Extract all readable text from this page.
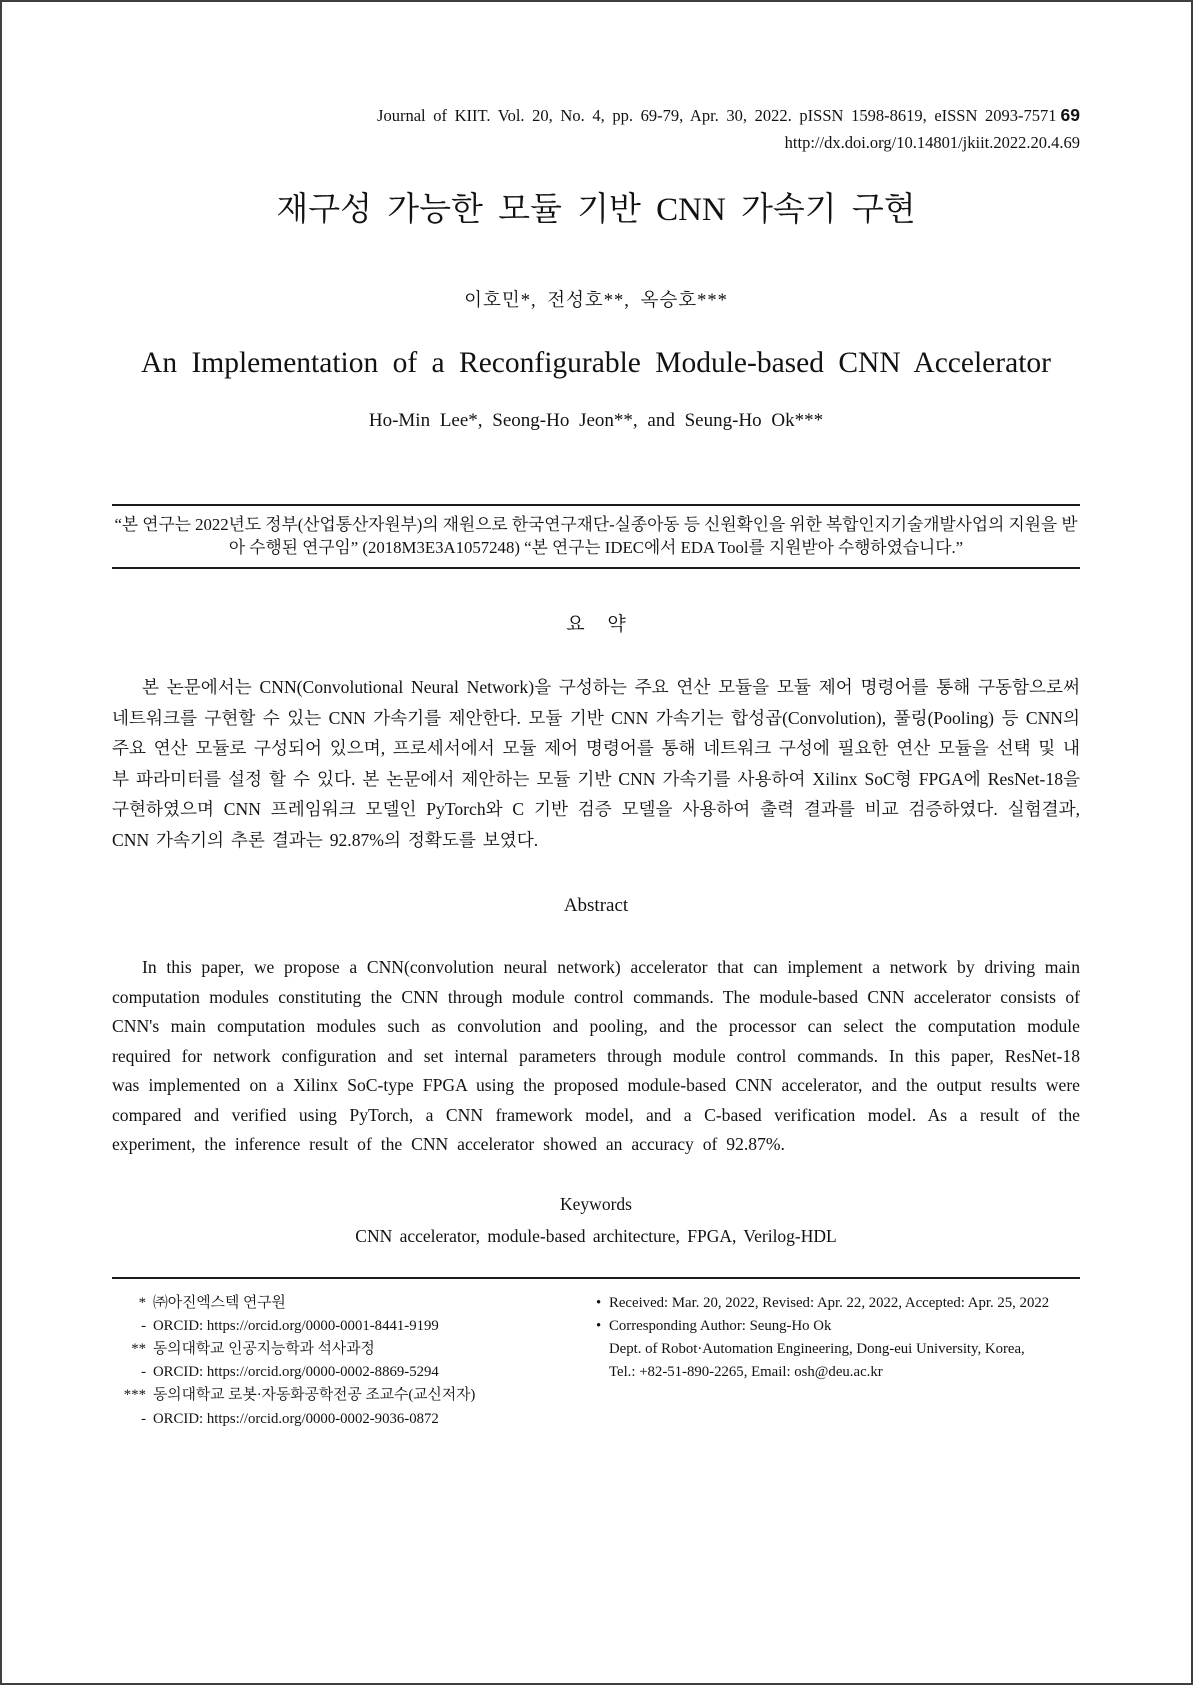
Journal of KIIT. Vol. 20, No. 4, pp. 69-79, Apr. 30, 2022. pISSN 1598-8619, eISSN 2093-7571 69
http://dx.doi.org/10.14801/jkiit.2022.20.4.69
재구성 가능한 모듈 기반 CNN 가속기 구현
이호민*, 전성호**, 옥승호***
An Implementation of a Reconfigurable Module-based CNN Accelerator
Ho-Min Lee*, Seong-Ho Jeon**, and Seung-Ho Ok***
“본 연구는 2022년도 정부(산업통산자원부)의 재원으로 한국연구재단-실종아동 등 신원확인을 위한 복합인지기술개발사업의 지원을 받아 수행된 연구임” (2018M3E3A1057248) “본 연구는 IDEC에서 EDA Tool를 지원받아 수행하였습니다.”
요 약

본 논문에서는 CNN(Convolutional Neural Network)을 구성하는 주요 연산 모듈을 모듈 제어 명령어를 통해 구동함으로써 네트워크를 구현할 수 있는 CNN 가속기를 제안한다. 모듈 기반 CNN 가속기는 합성곱(Convolution), 풀링(Pooling) 등 CNN의 주요 연산 모듈로 구성되어 있으며, 프로세서에서 모듈 제어 명령어를 통해 네트워크 구성에 필요한 연산 모듈을 선택 및 내부 파라미터를 설정 할 수 있다. 본 논문에서 제안하는 모듈 기반 CNN 가속기를 사용하여 Xilinx SoC형 FPGA에 ResNet-18을 구현하였으며 CNN 프레임워크 모델인 PyTorch와 C 기반 검증 모델을 사용하여 출력 결과를 비교 검증하였다. 실험결과, CNN 가속기의 추론 결과는 92.87%의 정확도를 보였다.

Abstract

In this paper, we propose a CNN(convolution neural network) accelerator that can implement a network by driving main computation modules constituting the CNN through module control commands. The module-based CNN accelerator consists of CNN's main computation modules such as convolution and pooling, and the processor can select the computation module required for network configuration and set internal parameters through module control commands. In this paper, ResNet-18 was implemented on a Xilinx SoC-type FPGA using the proposed module-based CNN accelerator, and the output results were compared and verified using PyTorch, a CNN framework model, and a C-based verification model. As a result of the experiment, the inference result of the CNN accelerator showed an accuracy of 92.87%.

Keywords
CNN accelerator, module-based architecture, FPGA, Verilog-HDL
* ㈜아진엑스텍 연구원
- ORCID: https://orcid.org/0000-0001-8441-9199
** 동의대학교 인공지능학과 석사과정
- ORCID: https://orcid.org/0000-0002-8869-5294
*** 동의대학교 로봇·자동화공학전공 조교수(교신저자)
- ORCID: https://orcid.org/0000-0002-9036-0872
• Received: Mar. 20, 2022, Revised: Apr. 22, 2022, Accepted: Apr. 25, 2022
• Corresponding Author: Seung-Ho Ok
Dept. of Robot·Automation Engineering, Dong-eui University, Korea,
Tel.: +82-51-890-2265, Email: osh@deu.ac.kr
